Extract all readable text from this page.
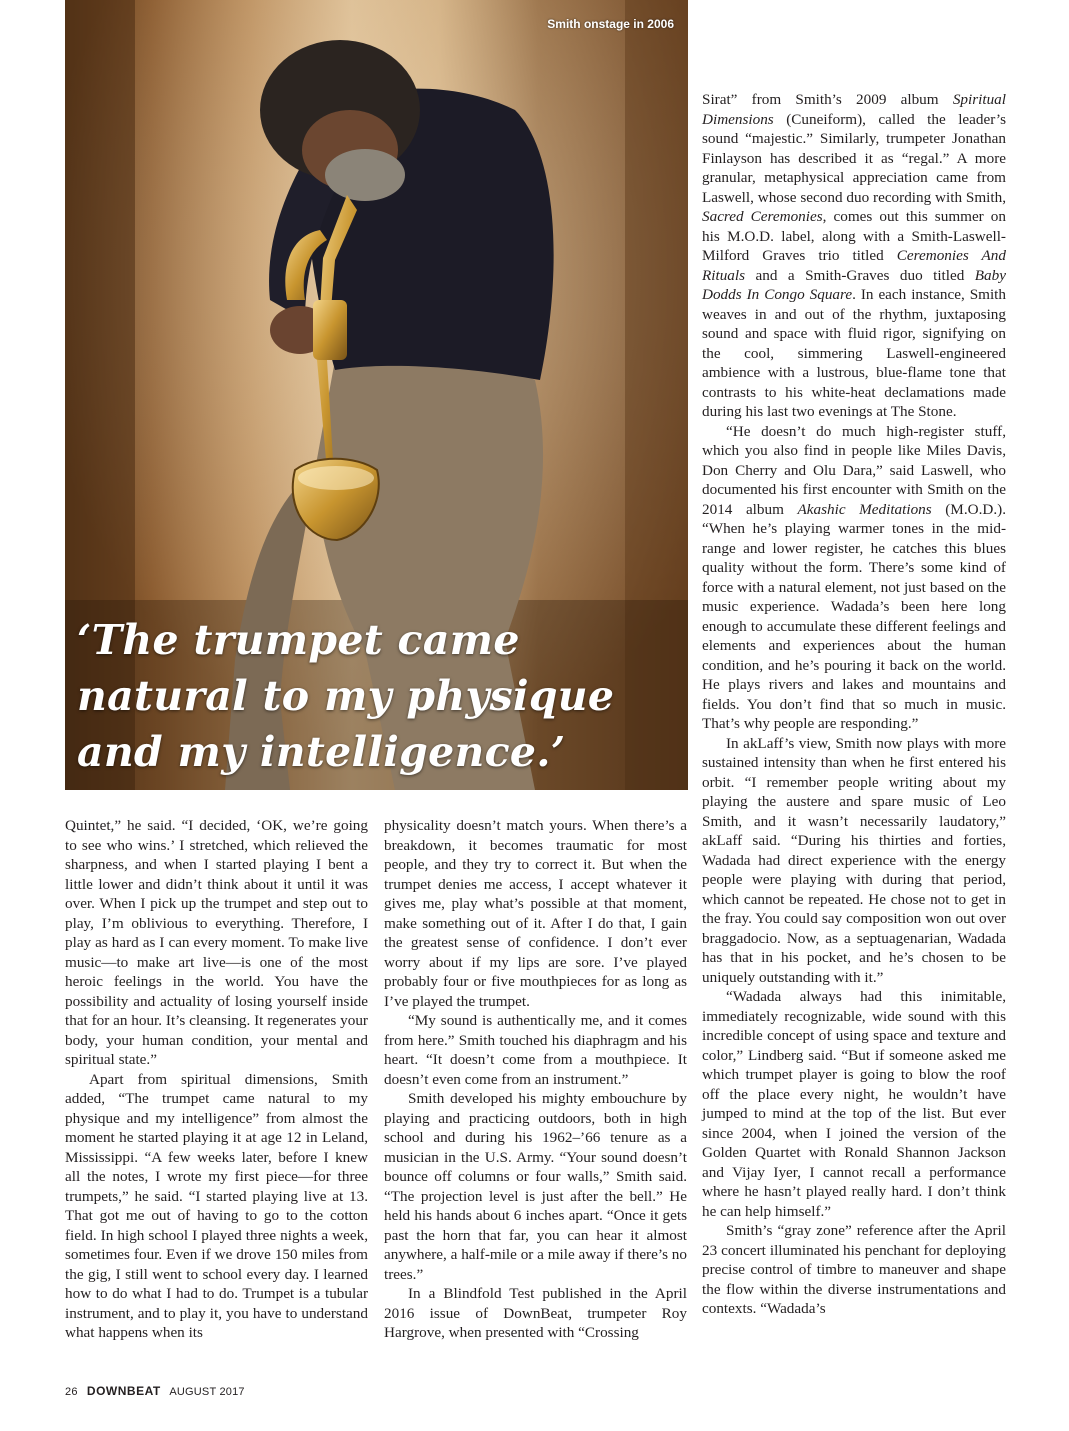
Smith onstage in 2006
‘The trumpet came natural to my physique and my intelligence.’

Quintet,” he said. “I decided, ‘OK, we’re going to see who wins.’ I stretched, which relieved the sharpness, and when I started playing I bent a little lower and didn’t think about it until it was over. When I pick up the trumpet and step out to play, I’m oblivious to everything. Therefore, I play as hard as I can every moment. To make live music—to make art live—is one of the most heroic feelings in the world. You have the possibility and actuality of losing yourself inside that for an hour. It’s cleansing. It regenerates your body, your human condition, your mental and spiritual state.”

Apart from spiritual dimensions, Smith added, “The trumpet came natural to my physique and my intelligence” from almost the moment he started playing it at age 12 in Leland, Mississippi. “A few weeks later, before I knew all the notes, I wrote my first piece—for three trumpets,” he said. “I started playing live at 13. That got me out of having to go to the cotton field. In high school I played three nights a week, sometimes four. Even if we drove 150 miles from the gig, I still went to school every day. I learned how to do what I had to do. Trumpet is a tubular instrument, and to play it, you have to understand what happens when its

physicality doesn’t match yours. When there’s a breakdown, it becomes traumatic for most people, and they try to correct it. But when the trumpet denies me access, I accept whatever it gives me, play what’s possible at that moment, make something out of it. After I do that, I gain the greatest sense of confidence. I don’t ever worry about if my lips are sore. I’ve played probably four or five mouthpieces for as long as I’ve played the trumpet.

“My sound is authentically me, and it comes from here.” Smith touched his diaphragm and his heart. “It doesn’t come from a mouthpiece. It doesn’t even come from an instrument.”

Smith developed his mighty embouchure by playing and practicing outdoors, both in high school and during his 1962–’66 tenure as a musician in the U.S. Army. “Your sound doesn’t bounce off columns or four walls,” Smith said. “The projection level is just after the bell.” He held his hands about 6 inches apart. “Once it gets past the horn that far, you can hear it almost anywhere, a half-mile or a mile away if there’s no trees.”

In a Blindfold Test published in the April 2016 issue of DownBeat, trumpeter Roy Hargrove, when presented with “Crossing

Sirat” from Smith’s 2009 album Spiritual Dimensions (Cuneiform), called the leader’s sound “majestic.” Similarly, trumpeter Jonathan Finlayson has described it as “regal.” A more granular, metaphysical appreciation came from Laswell, whose second duo recording with Smith, Sacred Ceremonies, comes out this summer on his M.O.D. label, along with a Smith-Laswell-Milford Graves trio titled Ceremonies And Rituals and a Smith-Graves duo titled Baby Dodds In Congo Square. In each instance, Smith weaves in and out of the rhythm, juxtaposing sound and space with fluid rigor, signifying on the cool, simmering Laswell-engineered ambience with a lustrous, blue-flame tone that contrasts to his white-heat declamations made during his last two evenings at The Stone.

“He doesn’t do much high-register stuff, which you also find in people like Miles Davis, Don Cherry and Olu Dara,” said Laswell, who documented his first encounter with Smith on the 2014 album Akashic Meditations (M.O.D.). “When he’s playing warmer tones in the mid-range and lower register, he catches this blues quality without the form. There’s some kind of force with a natural element, not just based on the music experience. Wadada’s been here long enough to accumulate these different feelings and elements and experiences about the human condition, and he’s pouring it back on the world. He plays rivers and lakes and mountains and fields. You don’t find that so much in music. That’s why people are responding.”

In akLaff’s view, Smith now plays with more sustained intensity than when he first entered his orbit. “I remember people writing about my playing the austere and spare music of Leo Smith, and it wasn’t necessarily laudatory,” akLaff said. “During his thirties and forties, Wadada had direct experience with the energy people were playing with during that period, which cannot be repeated. He chose not to get in the fray. You could say composition won out over braggadocio. Now, as a septuagenarian, Wadada has that in his pocket, and he’s chosen to be uniquely outstanding with it.”

“Wadada always had this inimitable, immediately recognizable, wide sound with this incredible concept of using space and texture and color,” Lindberg said. “But if someone asked me which trumpet player is going to blow the roof off the place every night, he wouldn’t have jumped to mind at the top of the list. But ever since 2004, when I joined the version of the Golden Quartet with Ronald Shannon Jackson and Vijay Iyer, I cannot recall a performance where he hasn’t played really hard. I don’t think he can help himself.”

Smith’s “gray zone” reference after the April 23 concert illuminated his penchant for deploying precise control of timbre to maneuver and shape the flow within the diverse instrumentations and contexts. “Wadada’s

26 DOWNBEAT AUGUST 2017
